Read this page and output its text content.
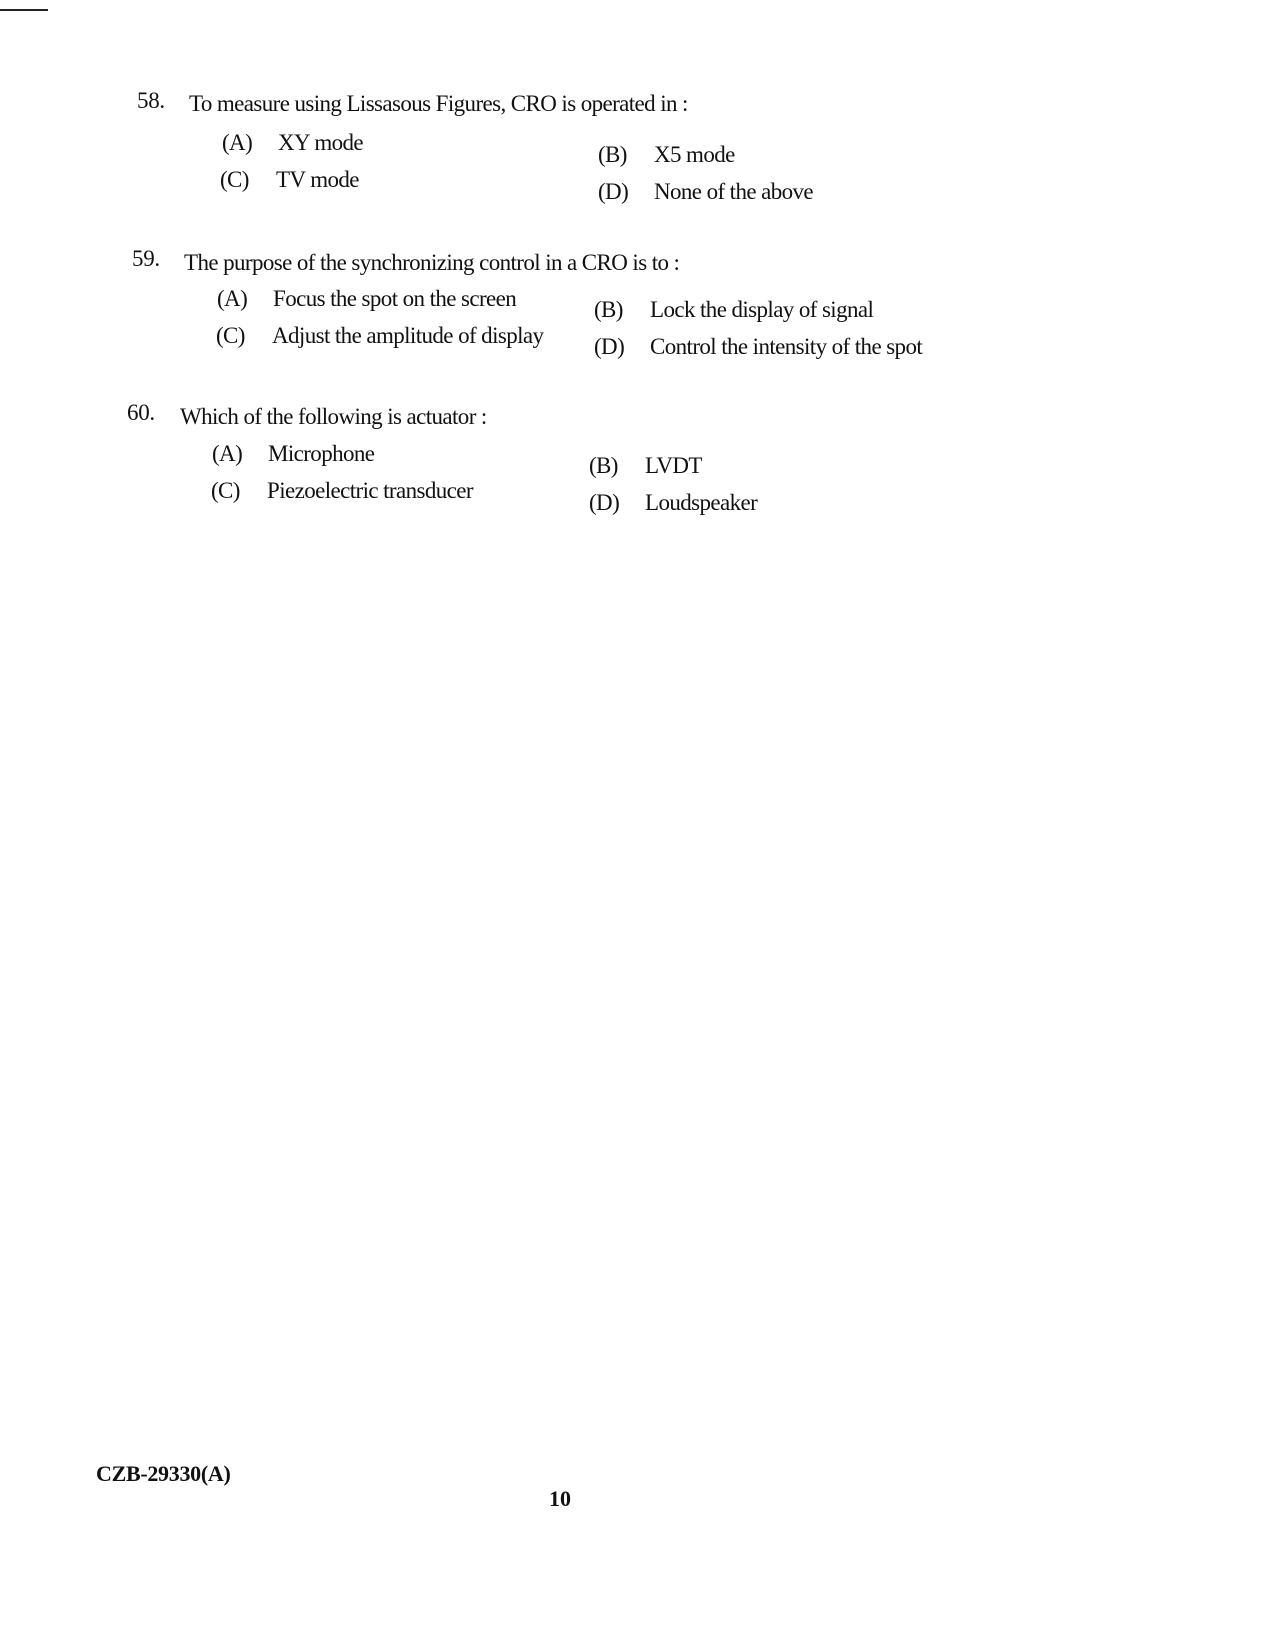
58. To measure using Lissasous Figures, CRO is operated in :
(A) XY mode	(B) X5 mode
(C) TV mode	(D) None of the above
59. The purpose of the synchronizing control in a CRO is to :
(A) Focus the spot on the screen	(B) Lock the display of signal
(C) Adjust the amplitude of display (D) Control the intensity of the spot
60. Which of the following is actuator :
(A) Microphone	(B) LVDT
(C) Piezoelectric transducer	(D) Loudspeaker
CZB-29330(A)
10
